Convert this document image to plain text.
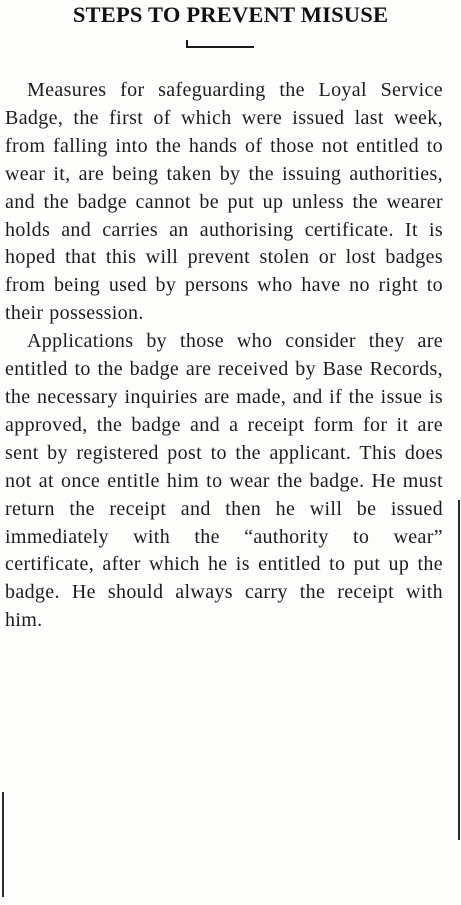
STEPS TO PREVENT MISUSE

Measures for safeguarding the Loyal Service Badge, the first of which were issued last week, from falling into the hands of those not entitled to wear it, are being taken by the issuing authorities, and the badge cannot be put up unless the wearer holds and carries an authorising certificate. It is hoped that this will prevent stolen or lost badges from being used by persons who have no right to their possession.

Applications by those who consider they are entitled to the badge are received by Base Records, the necessary inquiries are made, and if the issue is approved, the badge and a receipt form for it are sent by registered post to the applicant. This does not at once entitle him to wear the badge. He must return the receipt and then he will be issued immediately with the “authority to wear” certificate, after which he is entitled to put up the badge. He should always carry the receipt with him.
